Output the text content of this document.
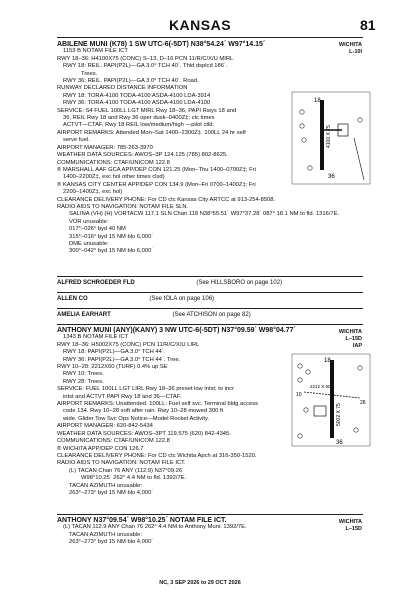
KANSAS	81
ABILENE MUNI (K78) 1 SW UTC-6(-5DT) N38°54.24´ W97°14.15´
1153 B NOTAM FILE ICT
RWY 18–36: H4100X75 (CONC) S–13, D–16 PCN 11/R/C/X/U MIRL
RWY 18: REIL. PAPI(P2L)—GA 3.0° TCH 40´. Thld dsplcd 186´.
Trees.
RWY 36: REIL. PAPI(P2L)—GA 3.0° TCH 40´. Road.
RUNWAY DECLARED DISTANCE INFORMATION
RWY 18: TORA-4100 TODA-4100 ASDA-4100 LDA-3914
RWY 36: TORA-4100 TODA-4100 ASDA-4100 LDA-4100
SERVICE: S4 FUEL 100LL LGT MIRL Rwy 18–36, PAPI Rwys 18 and
36, REIL Rwy 18 and Rwy 36 oper dusk–0400Z‡; ctc times
ACTVT—CTAF. Rwy 18 REIL low/medium/high —pilot ctld.
AIRPORT REMARKS: Attended Mon–Sat 1400–2300Z‡. 100LL 24 hr self
serve fuel.
AIRPORT MANAGER: 785-263-3970
WEATHER DATA SOURCES: AWOS–3P 124.125 (785) 802-8625.
COMMUNICATIONS: CTAF/UNICOM 122.8
® MARSHALL AAF GCA APP/DEP CON 121.25 (Mon–Thu 1400–0700Z‡; Fri
1400–2200Z‡, exc hol other times clsd)
® KANSAS CITY CENTER APP/DEP CON 134.9 (Mon–Fri 0700–1400Z‡; Fri
2200–1400Z‡, exc hol)
CLEARANCE DELIVERY PHONE: For CD ctc Kansas City ARTCC at 913-254-8508.
RADIO AIDS TO NAVIGATION: NOTAM FILE SLN.
SALINA (VH) (H) VORTACW 117.1 SLN Chan 118 N38°55.51´ W97°37.28´ 087° 18.1 NM to fld. 1316/7E.
VOR unusable:
017°–026° byd 40 NM
315°–016° byd 15 NM blo 6,000´
DME unusable:
300°–042° byd 15 NM blo 6,000´
WICHITA
L-10I
4100 X 75
18
36
ALFRED SCHROEDER FLD	(See HILLSBORO on page 102)
ALLEN CO	(See IOLA on page 106)
AMELIA EARHART	(See ATCHISON on page 82)
ANTHONY MUNI (ANY)(KANY) 3 NW UTC-6(-5DT) N37°09.59´ W98°04.77´
1343 B NOTAM FILE ICT
RWY 18–36: H5002X75 (CONC) PCN 11/R/C/X/U LIRL
RWY 18: PAPI(P2L)—GA 3.0° TCH 44´.
RWY 36: PAPI(P2L)—GA 3.0° TCH 44´. Tree.
RWY 10–28: 2212X60 (TURF) 0.4% up SE
RWY 10: Trees.
RWY 28: Trees.
SERVICE: FUEL 100LL LGT LIRL Rwy 18–36 preset low intst; to incr
intst and ACTVT PAPI Rwy 18 and 36—CTAF.
AIRPORT REMARKS: Unattended. 100LL: Fuel self svc. Terminal bldg access
code 134. Rwy 10–28 soft after rain. Rwy 10–28 mowed 300 ft
wide. Glider Tow Svc Ops Notice—Model Rocket Activity.
AIRPORT MANAGER: 620-842-5434
WEATHER DATA SOURCES: AWOS–3PT 119.575 (620) 842-4345.
COMMUNICATIONS: CTAF/UNICOM 122.8
® WICHITA APP/DEP CON 126.7
CLEARANCE DELIVERY PHONE: For CD ctc Wichita Apch at 316-350-1520.
RADIO AIDS TO NAVIGATION: NOTAM FILE ICT.
(L) TACAN Chan 76 ANY (112.9) N37°09.26´
W98°10.25´ 262° 4.4 NM to fld. 1392/7E.
TACAN AZIMUTH unusable:
263°–273° byd 15 NM blo 4,000´
WICHITA
L–15D
IAP
5002 X 75
2212 X 60
18
36
10
28
ANTHONY N37°09.54´ W98°10.25´ NOTAM FILE ICT.
(L) TACAN 112.9 ANY Chan 76 262° 4.4 NM to Anthony Muni. 1392/7E.
TACAN AZIMUTH unusable:
263°–273° byd 15 NM blo 4,000´
WICHITA
L–15D
NC, 3 SEP 2026 to 29 OCT 2026
